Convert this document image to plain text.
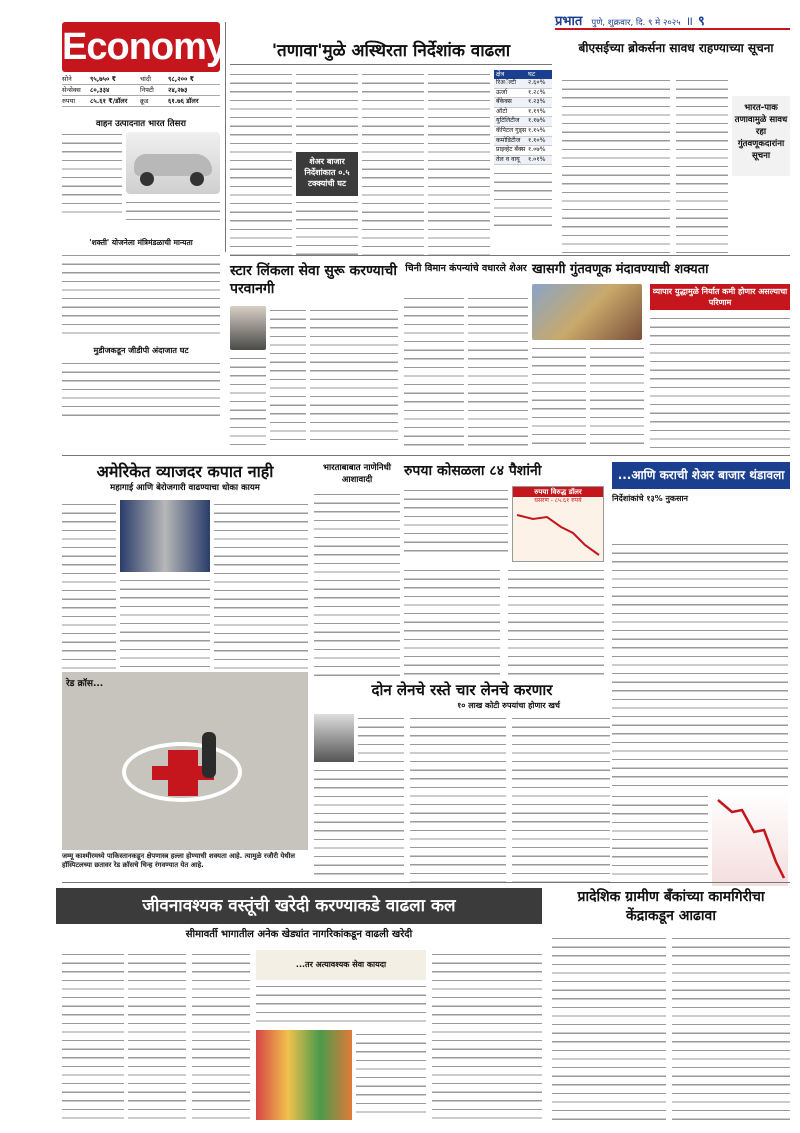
प्रभात पुणे, शुक्रवार, दि. ९ मे २०२५ ॥ ९
Economy
सोने	९५,७५० ₹	चांदी	९८,२०० ₹
सेन्सेक्स	८०,३३४	निफ्टी	२४,२७३
रुपया	८५.६१ ₹/डॉलर	क्रूड	६१.७६ डॉलर
वाहन उत्पादनात भारत तिसरा
'शक्ती' योजनेला मंत्रिमंडळाची मान्यता
मुडीजकडून जीडीपी अंदाजात घट
'तणावा'मुळे अस्थिरता निर्देशांक वाढला
शेअर बाजार निर्देशांकात ०.५ टक्क्यांची घट
क्षेत्र	घट
रिअॅल्टी	२.६०%
ऊर्जा	१.२८%
बँकेक्स	१.२३%
ऑटो	१.१९%
युटिलिटीज	१.१७%
कॅपिटल गुड्स १.१५%
कमोडिटीज	१.१०%
प्राइव्हेट बँक्स १.०७%
तेल व वायू	१.०१%
बीएसईच्या ब्रोकर्सना सावध राहण्याच्या सूचना
भारत-पाक तणावामुळे सावध रहा गुंतवणूकदारांना सूचना
स्टार लिंकला सेवा सुरू करण्याची परवानगी
चिनी विमान कंपन्यांचे वधारले शेअर खासगी गुंतवणूक मंदावण्याची शक्यता
व्यापार युद्धामुळे निर्यात कमी होणार असल्याचा परिणाम
अमेरिकेत व्याजदर कपात नाही
महागाई आणि बेरोजगारी वाढण्याचा धोका कायम
भारताबाबात नाणेनिधी आशावादी
रुपया कोसळला ८४ पैशांनी
रुपया विरुद्ध डॉलर
घसरण - ८५.६१ रुपये
...आणि कराची शेअर बाजार थंडावला
निर्देशांकांचे १३% नुकसान
रेड क्रॉस...
जम्मू काश्मीरमध्ये पाकिस्तानकडून क्षेपणास्त्र हल्ला होण्याची शक्यता आहे. त्यामुळे रजौरी येथील हॉस्पिटलच्या छतावर रेड क्रॉसचे चिन्ह रंगवण्यात येत आहे.
दोन लेनचे रस्ते चार लेनचे करणार
१० लाख कोटी रुपयांचा होणार खर्च
जीवनावश्यक वस्तूंची खरेदी करण्याकडे वाढला कल
सीमावर्ती भागातील अनेक खेड्यांत नागरिकांकडून वाढली खरेदी
...तर अत्यावश्यक सेवा कायदा
प्रादेशिक ग्रामीण बँकांच्या कामगिरीचा केंद्राकडून आढावा
